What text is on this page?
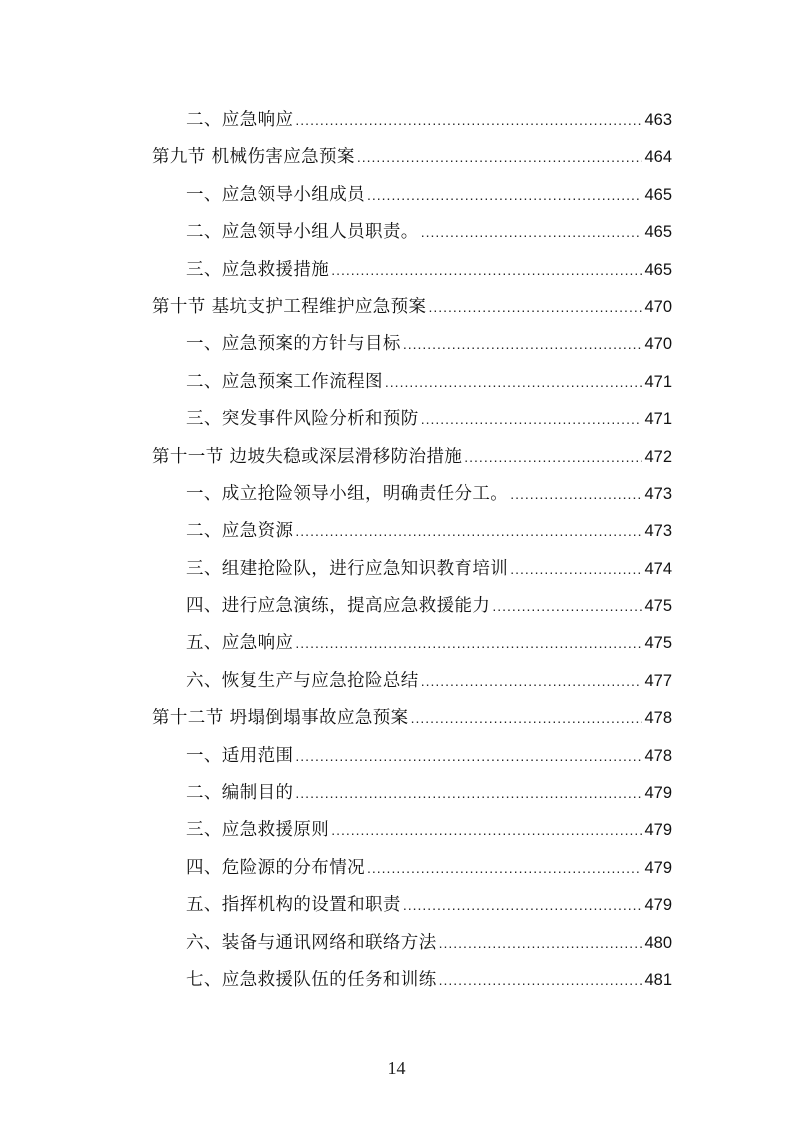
二、应急响应 .....	463
第九节 机械伤害应急预案 .....	464
一、应急领导小组成员 .....	465
二、应急领导小组人员职责。 .....	465
三、应急救援措施 .....	465
第十节 基坑支护工程维护应急预案 .....	470
一、应急预案的方针与目标 .....	470
二、应急预案工作流程图 .....	471
三、突发事件风险分析和预防 .....	471
第十一节 边坡失稳或深层滑移防治措施 .....	472
一、成立抢险领导小组，明确责任分工。 .....	473
二、应急资源 .....	473
三、组建抢险队，进行应急知识教育培训 .....	474
四、进行应急演练，提高应急救援能力 .....	475
五、应急响应 .....	475
六、恢复生产与应急抢险总结 .....	477
第十二节 坍塌倒塌事故应急预案 .....	478
一、适用范围 .....	478
二、编制目的 .....	479
三、应急救援原则 .....	479
四、危险源的分布情况 .....	479
五、指挥机构的设置和职责 .....	479
六、装备与通讯网络和联络方法 .....	480
七、应急救援队伍的任务和训练 .....	481
14
